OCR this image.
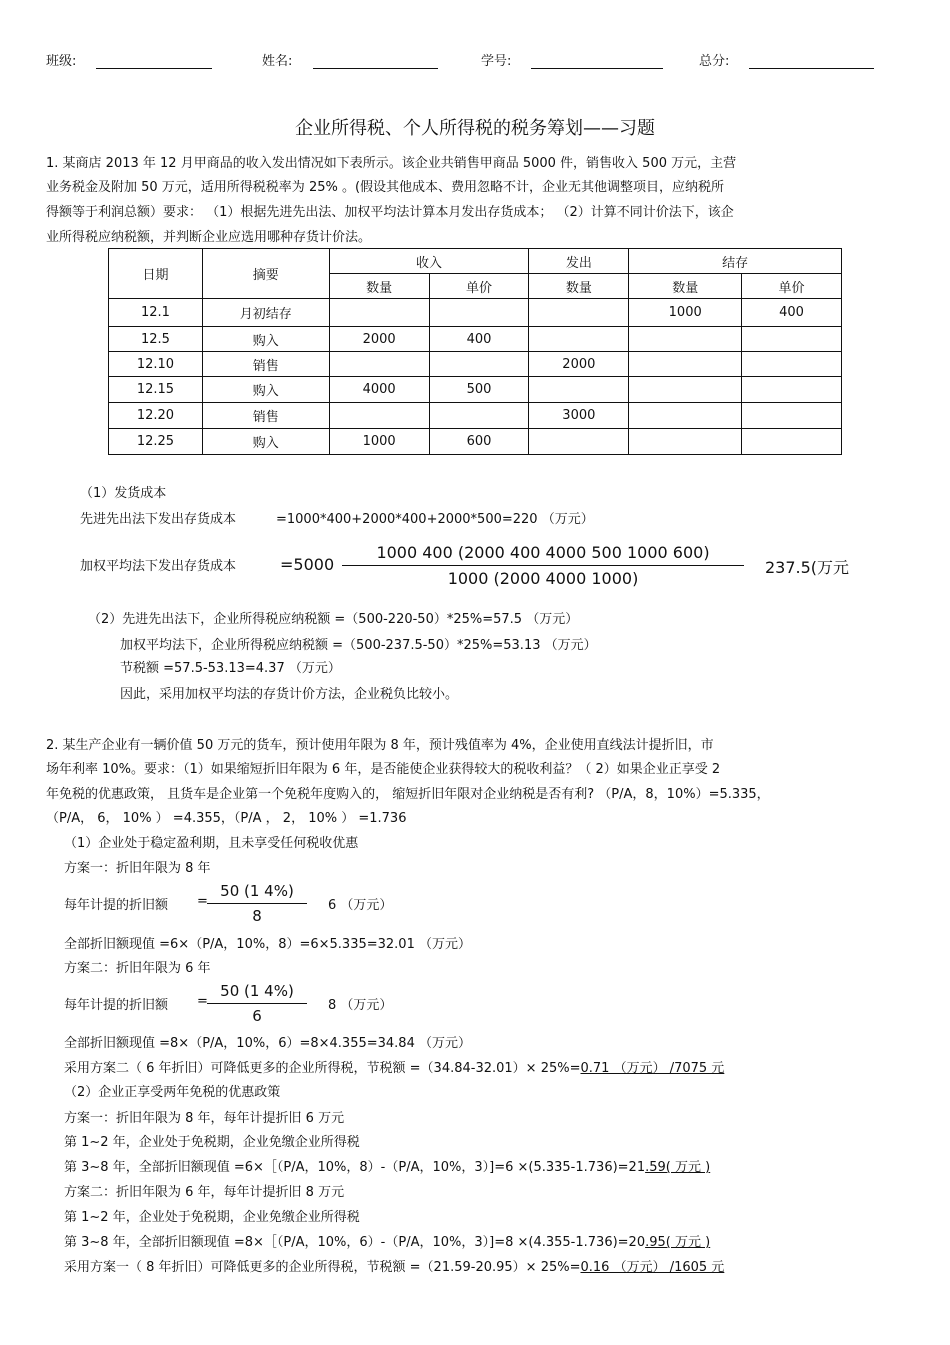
班级:	姓名:	学号:	总分:
企业所得税、个人所得税的税务筹划——习题

1. 某商店 2013 年 12 月甲商品的收入发出情况如下表所示。该企业共销售甲商品 5000 件，销售收入 500 万元，主营

业务税金及附加 50 万元，适用所得税税率为 25% 。(假设其他成本、费用忽略不计，企业无其他调整项目，应纳税所

得额等于利润总额）要求： （1）根据先进先出法、加权平均法计算本月发出存货成本； （2）计算不同计价法下，该企

业所得税应纳税额，并判断企业应选用哪种存货计价法。

日期	摘要	收入		发出	结存	
		数量	单价	数量	数量	单价
12.1	月初结存				1000	400
12.5	购入	2000	400			
12.10	销售			2000		
12.15	购入	4000	500			
12.20	销售			3000		
12.25	购入	1000	600			

（1）发货成本

先进先出法下发出存货成本	=1000*400+2000*400+2000*500=220 （万元）

加权平均法下发出存货成本	$=5000 \frac{1000 400 (2000 400 4000 500 1000 600)}{1000 (2000 4000 1000)} 237.5$(万元

（2）先进先出法下，企业所得税应纳税额 =（500-220-50）*25%=57.5 （万元）

加权平均法下，企业所得税应纳税额 =（500-237.5-50）*25%=53.13 （万元）

节税额 =57.5-53.13=4.37 （万元）

因此，采用加权平均法的存货计价方法，企业税负比较小。

2. 某生产企业有一辆价值 50 万元的货车，预计使用年限为 8 年，预计残值率为 4%，企业使用直线法计提折旧，市

场年利率 10%。要求：（1）如果缩短折旧年限为 6 年，是否能使企业获得较大的税收利益？（ 2）如果企业正享受 2

年免税的优惠政策， 且货车是企业第一个免税年度购入的， 缩短折旧年限对企业纳税是否有利? （P/A，8，10%）=5.335，

（P/A， 6， 10% ） =4.355，（P/A ， 2， 10% ） =1.736

（1）企业处于稳定盈利期，且未享受任何税收优惠

方案一：折旧年限为 8 年

每年计提的折旧额 = $\frac{50 (1 4\%)}{8} 6$ （万元）

全部折旧额现值 =6×（P/A，10%，8）=6×5.335=32.01 （万元）

方案二：折旧年限为 6 年

每年计提的折旧额 = $\frac{50 (1 4\%)}{6} 8$ （万元）

全部折旧额现值 =8×（P/A，10%，6）=8×4.355=34.84 （万元）

采用方案二（ 6 年折旧）可降低更多的企业所得税，节税额 =（34.84-32.01）× 25%=0.71 （万元） /7075 元

（2）企业正享受两年免税的优惠政策

方案一：折旧年限为 8 年，每年计提折旧 6 万元

第 1~2 年，企业处于免税期，企业免缴企业所得税

第 3~8 年，全部折旧额现值 =6×［（P/A，10%，8）-（P/A，10%，3）]=6 ×(5.335-1.736)=21.59( 万元 )

方案二：折旧年限为 6 年，每年计提折旧 8 万元

第 1~2 年，企业处于免税期，企业免缴企业所得税

第 3~8 年，全部折旧额现值 =8×［（P/A，10%，6）-（P/A，10%，3）]=8 ×(4.355-1.736)=20.95( 万元 )

采用方案一（ 8 年折旧）可降低更多的企业所得税，节税额 =（21.59-20.95）× 25%=0.16 （万元） /1605 元
